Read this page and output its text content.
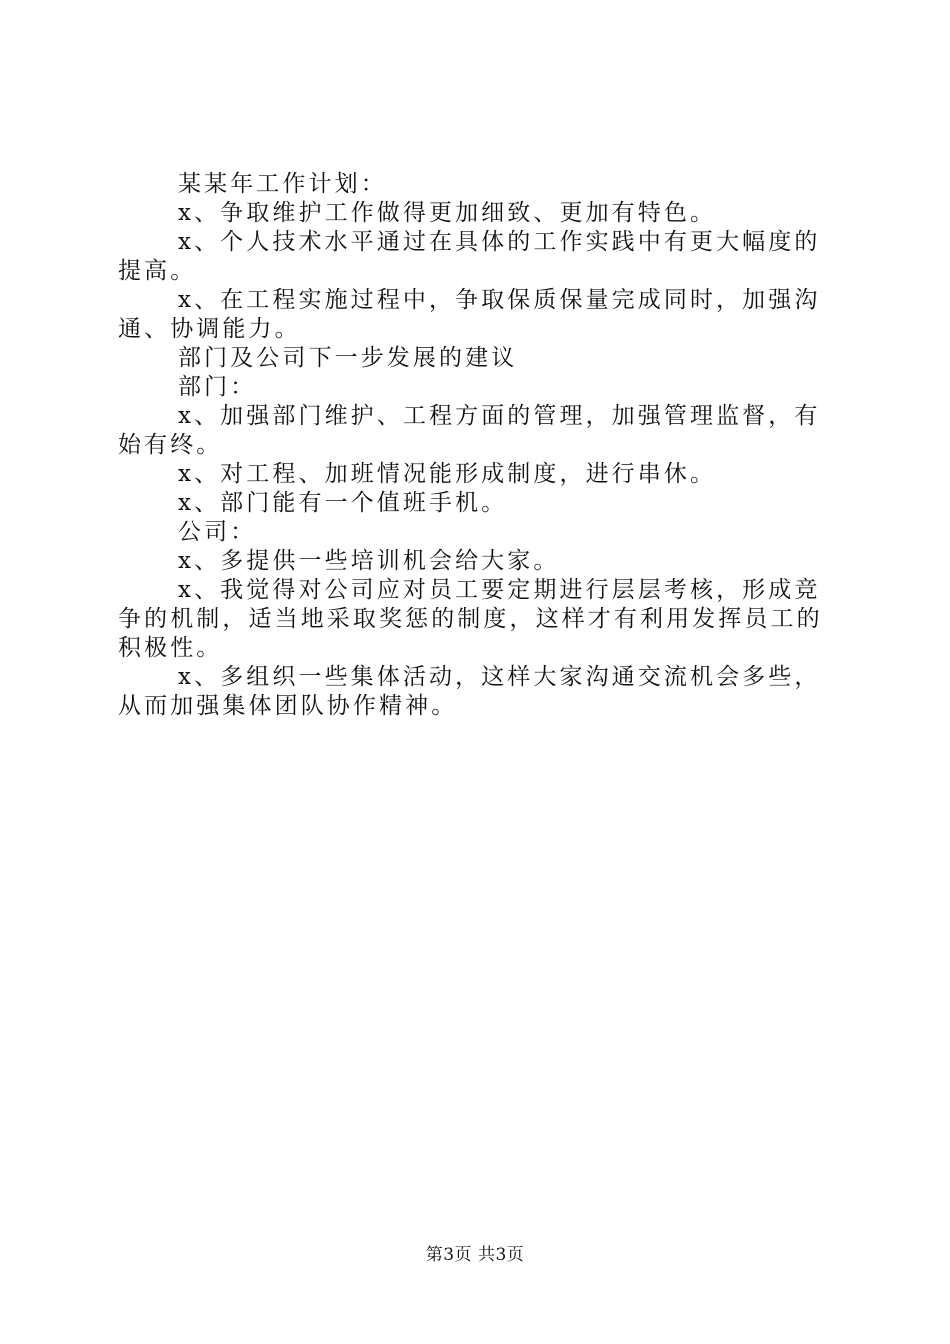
某某年工作计划：

x、争取维护工作做得更加细致、更加有特色。

x、个人技术水平通过在具体的工作实践中有更大幅度的提高。

x、在工程实施过程中，争取保质保量完成同时，加强沟通、协调能力。

部门及公司下一步发展的建议

部门：

x、加强部门维护、工程方面的管理，加强管理监督，有始有终。

x、对工程、加班情况能形成制度，进行串休。

x、部门能有一个值班手机。

公司：

x、多提供一些培训机会给大家。

x、我觉得对公司应对员工要定期进行层层考核，形成竞争的机制，适当地采取奖惩的制度，这样才有利用发挥员工的积极性。

x、多组织一些集体活动，这样大家沟通交流机会多些，从而加强集体团队协作精神。

第3页 共3页
